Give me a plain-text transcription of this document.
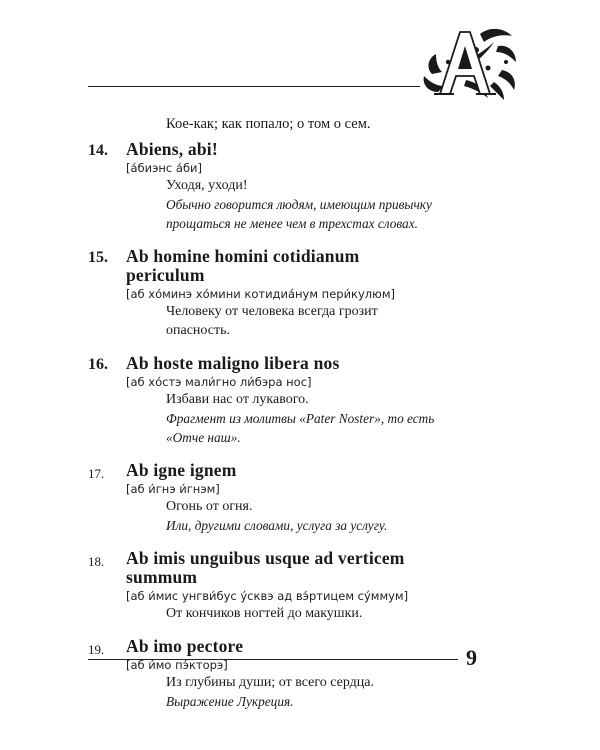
Кое-как; как попало; о том о сем.
14.	Abiens, abi!
[а́биэнс а́би]
Уходя, уходи!
Обычно говорится людям, имеющим привычку
прощаться не менее чем в трехстах словах.
15.	Ab homine homini cotidianum
periculum
[аб хо́минэ хо́мини котидиа́нум пери́кулюм]
Человеку от человека всегда грозит
опасность.
16.	Ab hoste maligno libera nos
[аб хо́стэ мали́гно ли́бэра нос]
Избави нас от лукавого.
Фрагмент из молитвы «Pater Noster», то есть
«Отче наш».
17.	Ab igne ignem
[аб и́гнэ и́гнэм]
Огонь от огня.
Или, другими словами, услуга за услугу.
18.	Ab imis unguibus usque ad verticem
summum
[аб и́мис унгви́бус у́сквэ ад вэ́ртицем су́ммум]
От кончиков ногтей до макушки.
19.	Ab imo pectore
[аб и́мо пэ́кторэ]
Из глубины души; от всего сердца.
Выражение Лукреция.
9
